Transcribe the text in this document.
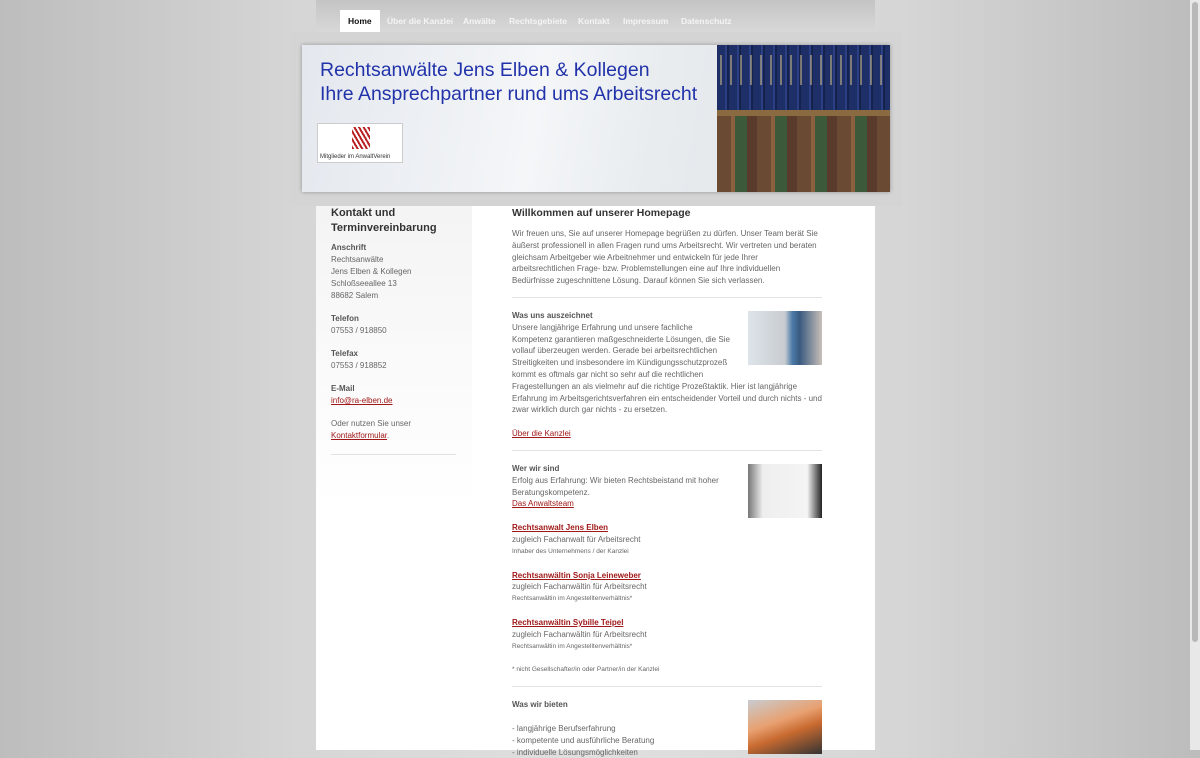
Home	Über die Kanzlei	Anwälte	Rechtsgebiete	Kontakt	Impressum	Datenschutz
Kontakt und Terminvereinbarung

Anschrift
Rechtsanwälte
Jens Elben & Kollegen
Schloßseeallee 13
88682 Salem

Telefon
07553 / 918850

Telefax
07553 / 918852

E-Mail
info@ra-elben.de

Oder nutzen Sie unser
Kontaktformular.

Willkommen auf unserer Homepage

Wir freuen uns, Sie auf unserer Homepage begrüßen zu dürfen. Unser Team berät Sie äußerst professionell in allen Fragen rund ums Arbeitsrecht. Wir vertreten und beraten gleichsam Arbeitgeber wie Arbeitnehmer und entwickeln für jede Ihrer arbeitsrechtlichen Frage- bzw. Problemstellungen eine auf Ihre individuellen Bedürfnisse zugeschnittene Lösung. Darauf können Sie sich verlassen.

Was uns auszeichnet

Unsere langjährige Erfahrung und unsere fachliche Kompetenz garantieren maßgeschneiderte Lösungen, die Sie vollauf überzeugen werden. Gerade bei arbeitsrechtlichen Streitigkeiten und insbesondere im Kündigungsschutzprozeß kommt es oftmals gar nicht so sehr auf die rechtlichen Fragestellungen an als vielmehr auf die richtige Prozeßtaktik. Hier ist langjährige Erfahrung im Arbeitsgerichtsverfahren ein entscheidender Vorteil und durch nichts - und zwar wirklich durch gar nichts - zu ersetzen.

Über die Kanzlei

Wer wir sind

Erfolg aus Erfahrung: Wir bieten Rechtsbeistand mit hoher Beratungskompetenz.

Das Anwaltsteam
Rechtsanwalt Jens Elben
zugleich Fachanwalt für Arbeitsrecht
Inhaber des Unternehmens / der Kanzlei
Rechtsanwältin Sonja Leineweber
zugleich Fachanwältin für Arbeitsrecht
Rechtsanwältin im Angestelltenverhältnis*
Rechtsanwältin Sybille Teipel
zugleich Fachanwältin für Arbeitsrecht
Rechtsanwältin im Angestelltenverhältnis*
* nicht Gesellschafter/in oder Partner/in der Kanzlei
Was wir bieten
- langjährige Berufserfahrung
- kompetente und ausführliche Beratung
- individuelle Lösungsmöglichkeiten
Rechtsanwälte Jens Elben & Kollegen
Ihre Ansprechpartner rund ums Arbeitsrecht
Mitglieder im AnwaltVerein
